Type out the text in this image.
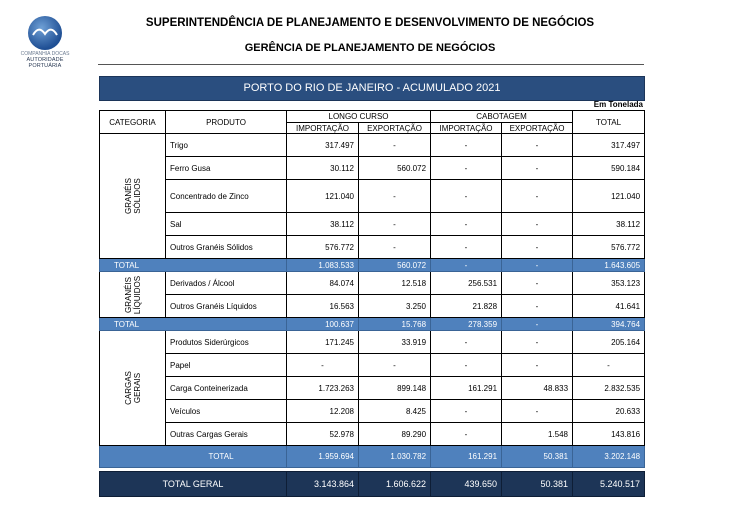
COMPANHIA DOCAS
AUTORIDADE PORTUÁRIA
SUPERINTENDÊNCIA DE PLANEJAMENTO E DESENVOLVIMENTO DE NEGÓCIOS
GERÊNCIA DE PLANEJAMENTO DE NEGÓCIOS
PORTO DO RIO DE JANEIRO - ACUMULADO 2021
Em Tonelada
CATEGORIA	PRODUTO	LONGO CURSO		CABOTAGEM		TOTAL
		IMPORTAÇÃO	EXPORTAÇÃO	IMPORTAÇÃO	EXPORTAÇÃO	

GRANÉIS SÓLIDOS	Trigo	317.497	-	-	-	317.497
	Ferro Gusa	30.112	560.072	-	-	590.184
	Concentrado de Zinco	121.040	-	-	-	121.040
	Sal	38.112	-	-	-	38.112
	Outros Granéis Sólidos	576.772	-	-	-	576.772
TOTAL		1.083.533	560.072	-	-	1.643.605

GRANÉIS LÍQUIDOS	Derivados / Álcool	84.074	12.518	256.531	-	353.123
	Outros Granéis Líquidos	16.563	3.250	21.828	-	41.641
TOTAL		100.637	15.768	278.359	-	394.764

CARGAS GERAIS	Produtos Siderúrgicos	171.245	33.919	-	-	205.164
	Papel	-	-	-	-	-
	Carga Conteinerizada	1.723.263	899.148	161.291	48.833	2.832.535
	Veículos	12.208	8.425	-	-	20.633
	Outras Cargas Gerais	52.978	89.290	-	1.548	143.816
TOTAL		1.959.694	1.030.782	161.291	50.381	3.202.148

TOTAL GERAL		3.143.864	1.606.622	439.650	50.381	5.240.517
